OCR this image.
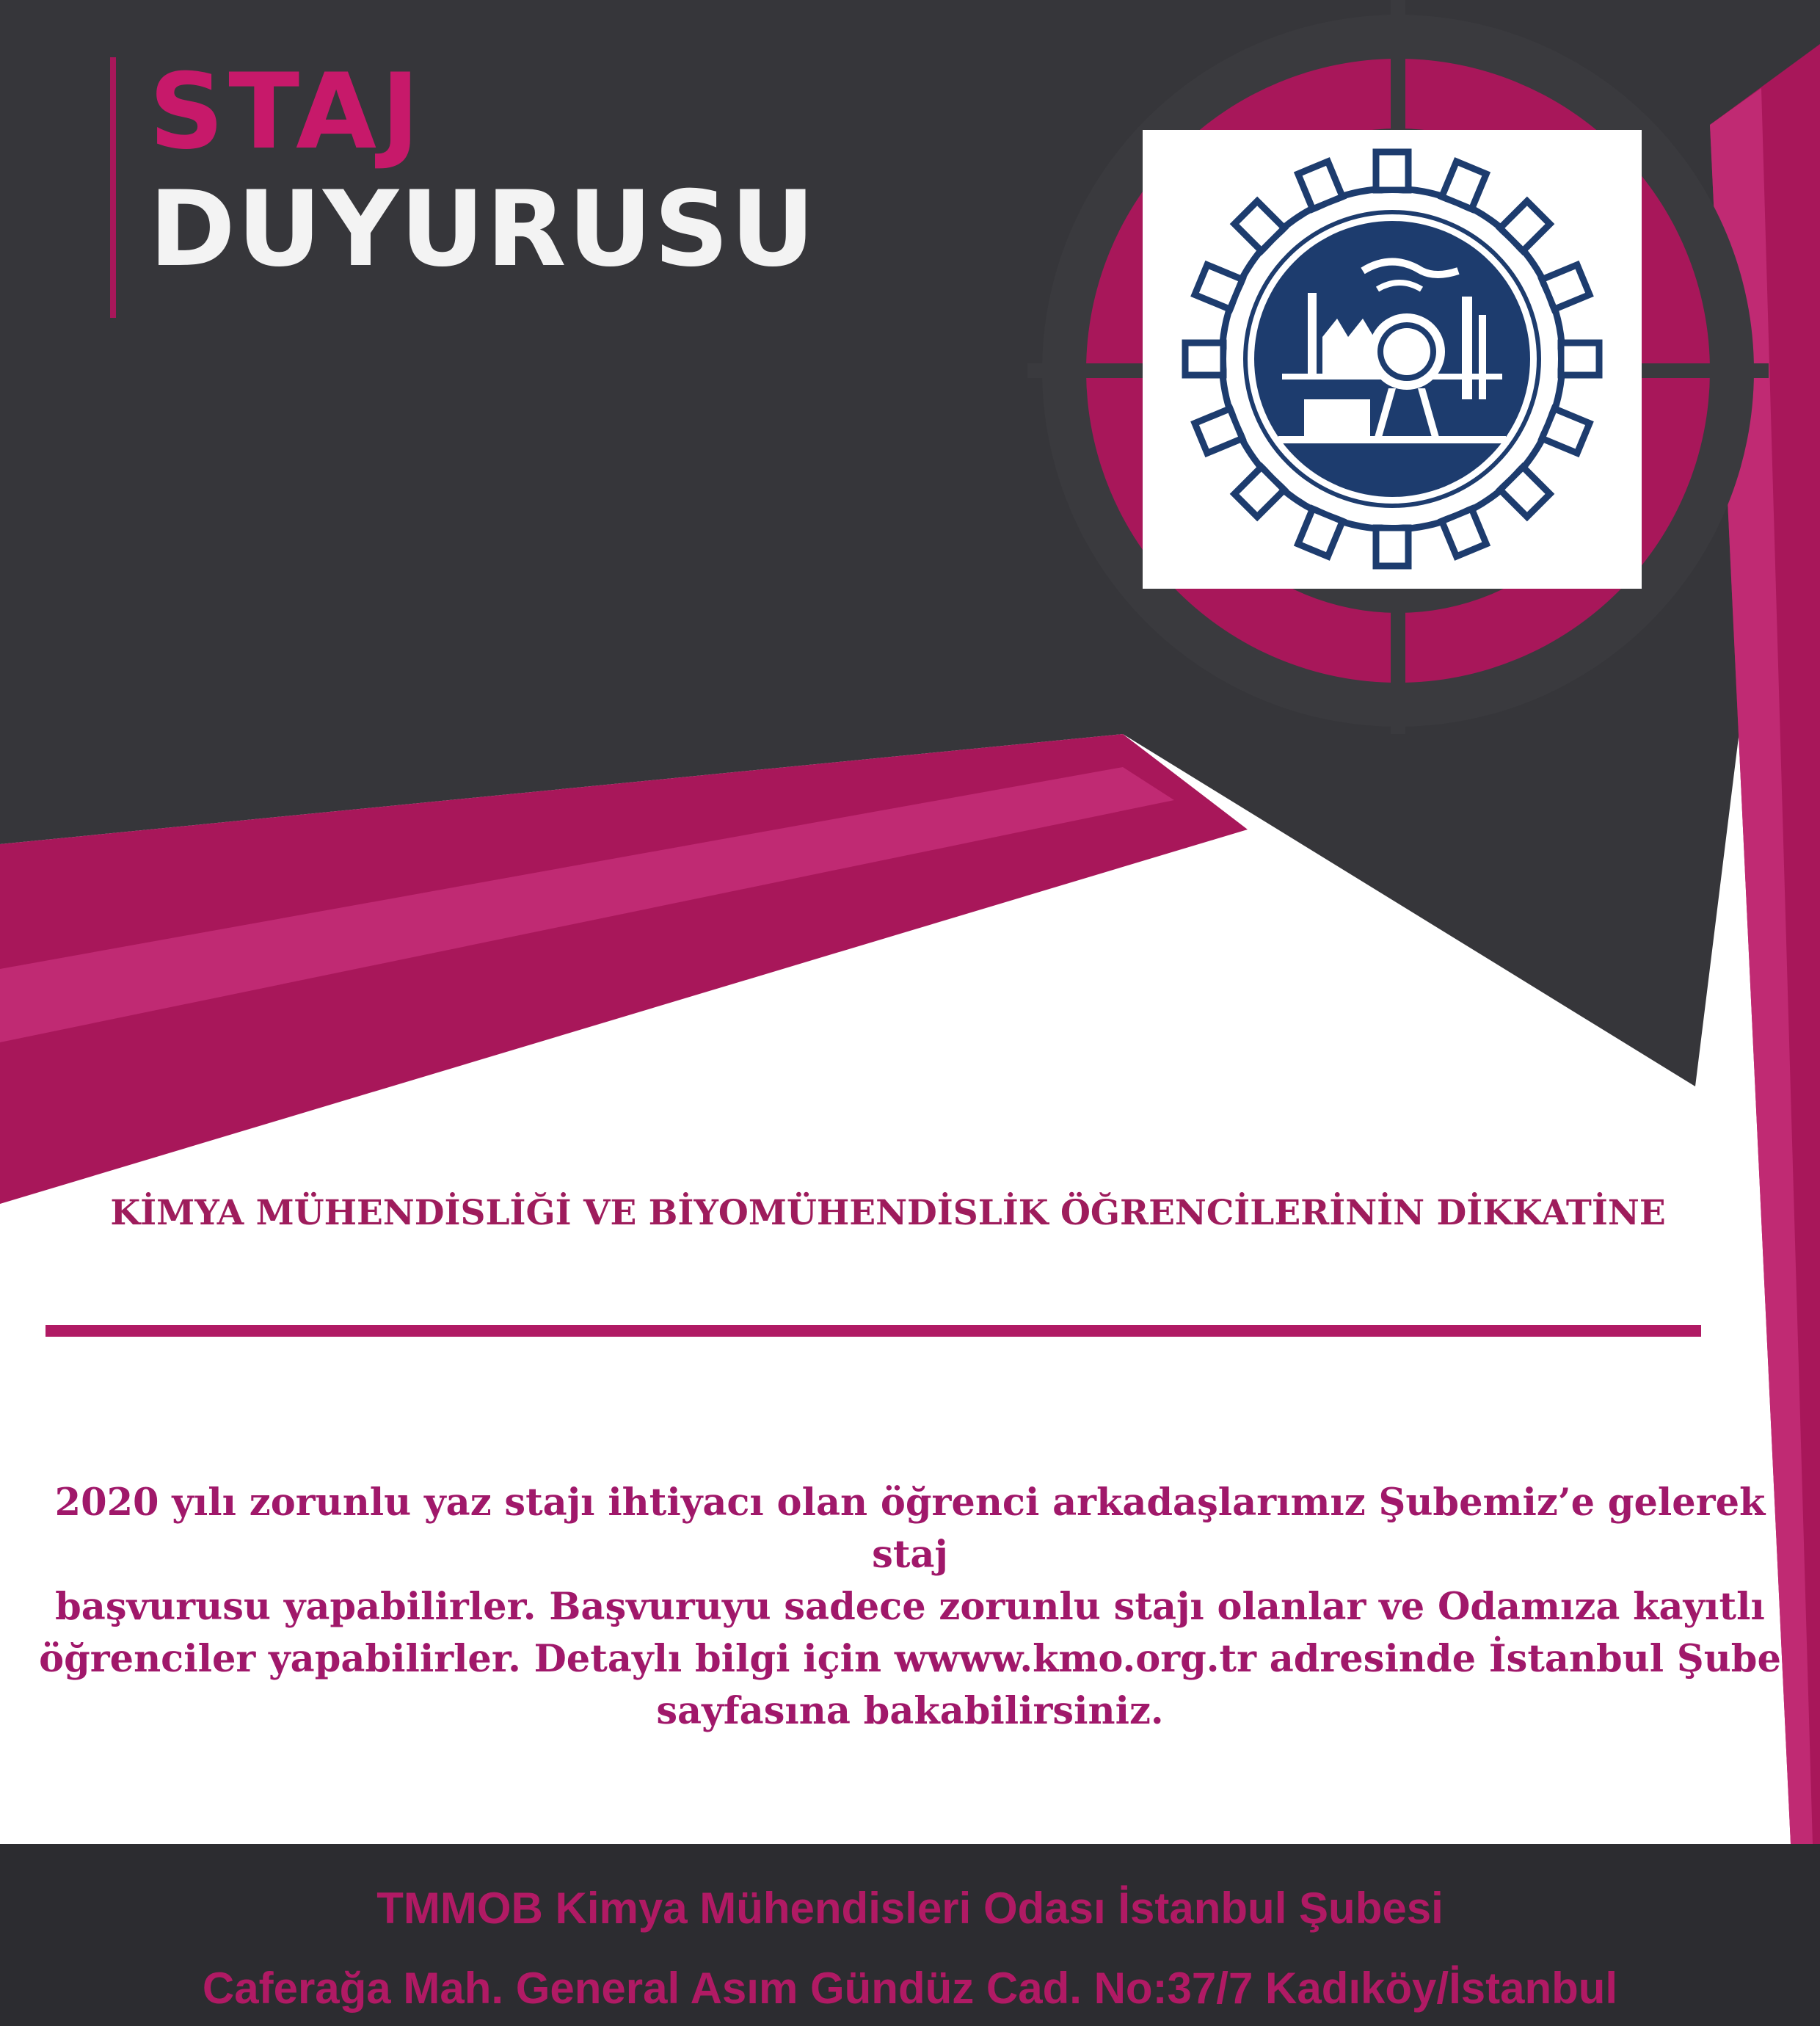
STAJ
DUYURUSU
KİMYA MÜHENDİSLİĞİ VE BİYOMÜHENDİSLİK ÖĞRENCİLERİNİN DİKKATİNE
2020 yılı zorunlu yaz stajı ihtiyacı olan öğrenci arkadaşlarımız Şubemiz’e gelerek staj
başvurusu yapabilirler. Başvuruyu sadece zorunlu stajı olanlar ve Odamıza kayıtlı
öğrenciler yapabilirler. Detaylı bilgi için wwww.kmo.org.tr adresinde İstanbul Şube
sayfasına bakabilirsiniz.
TMMOB Kimya Mühendisleri Odası İstanbul Şubesi
Caferağa Mah. General Asım Gündüz Cad. No:37/7 Kadıköy/İstanbul
